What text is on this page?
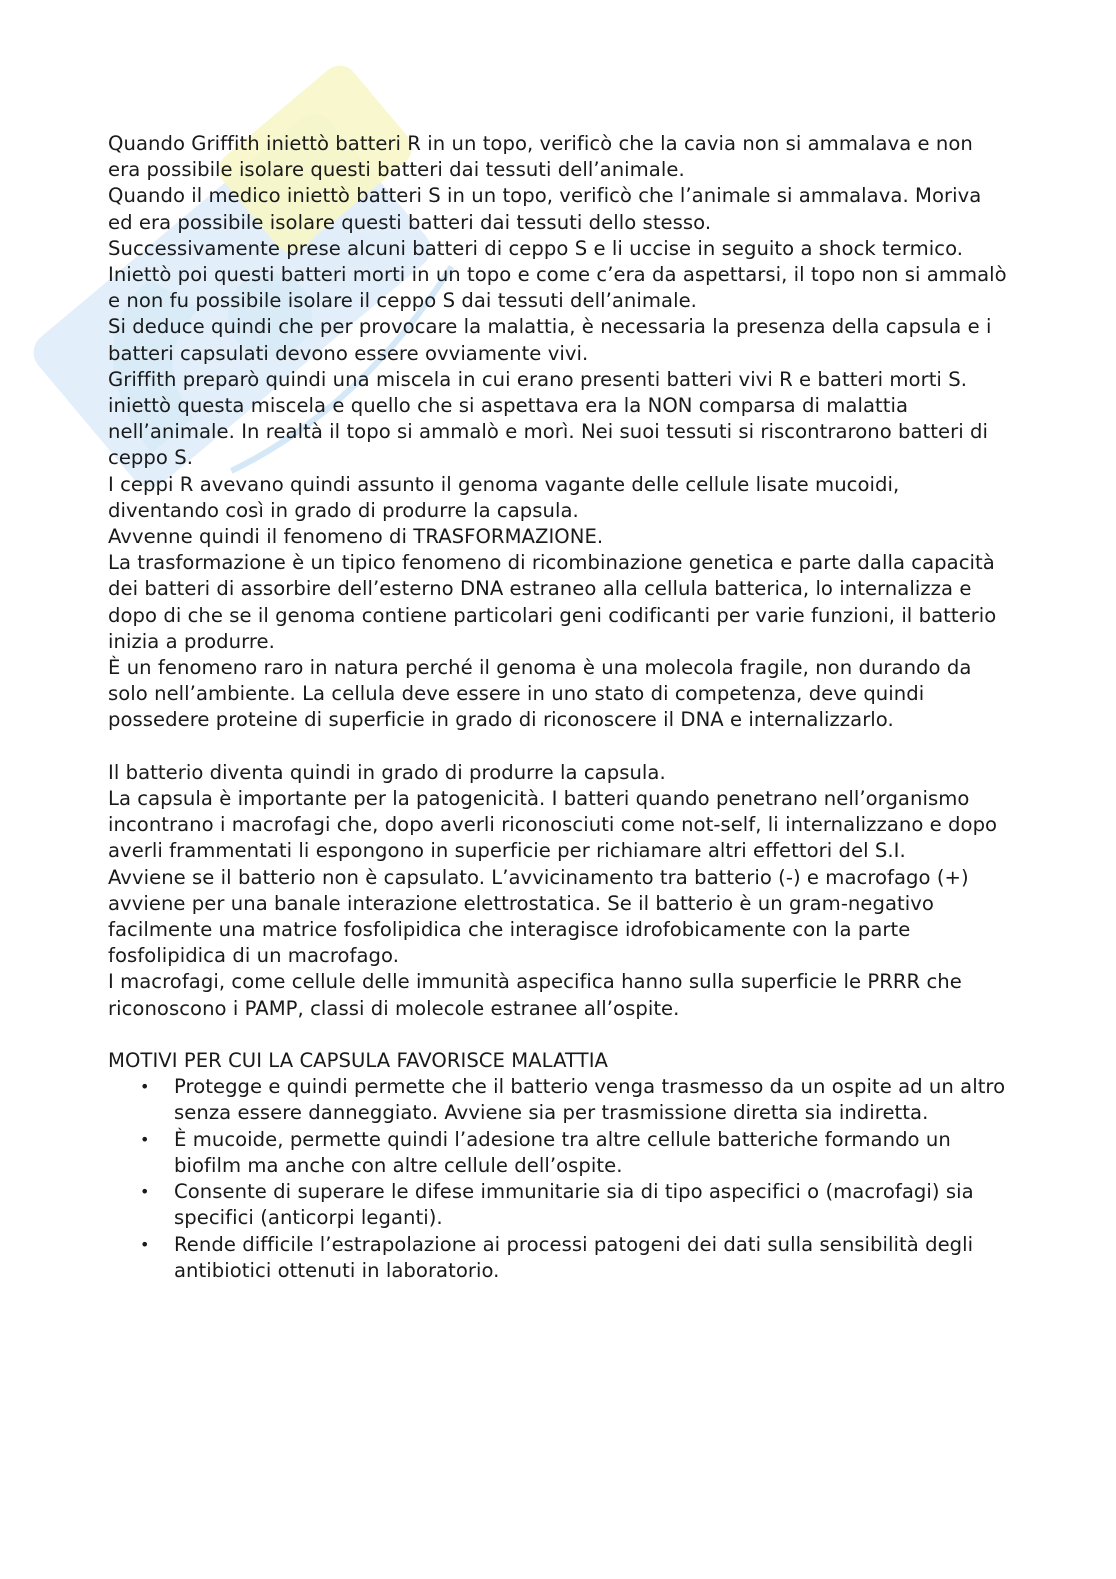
Quando Griffith iniettò batteri R in un topo, verificò che la cavia non si ammalava e non era possibile isolare questi batteri dai tessuti dell’animale.

Quando il medico iniettò batteri S in un topo, verificò che l’animale si ammalava. Moriva ed era possibile isolare questi batteri dai tessuti dello stesso.

Successivamente prese alcuni batteri di ceppo S e li uccise in seguito a shock termico. Iniettò poi questi batteri morti in un topo e come c’era da aspettarsi, il topo non si ammalò e non fu possibile isolare il ceppo S dai tessuti dell’animale.

Si deduce quindi che per provocare la malattia, è necessaria la presenza della capsula e i batteri capsulati devono essere ovviamente vivi.

Griffith preparò quindi una miscela in cui erano presenti batteri vivi R e batteri morti S. iniettò questa miscela e quello che si aspettava era la NON comparsa di malattia nell’animale. In realtà il topo si ammalò e morì. Nei suoi tessuti si riscontrarono batteri di ceppo S.

I ceppi R avevano quindi assunto il genoma vagante delle cellule lisate mucoidi, diventando così in grado di produrre la capsula.

Avvenne quindi il fenomeno di TRASFORMAZIONE.

La trasformazione è un tipico fenomeno di ricombinazione genetica e parte dalla capacità dei batteri di assorbire dell’esterno DNA estraneo alla cellula batterica, lo internalizza e dopo di che se il genoma contiene particolari geni codificanti per varie funzioni, il batterio inizia a produrre.

È un fenomeno raro in natura perché il genoma è una molecola fragile, non durando da solo nell’ambiente. La cellula deve essere in uno stato di competenza, deve quindi possedere proteine di superficie in grado di riconoscere il DNA e internalizzarlo.

Il batterio diventa quindi in grado di produrre la capsula.

La capsula è importante per la patogenicità. I batteri quando penetrano nell’organismo incontrano i macrofagi che, dopo averli riconosciuti come not-self, li internalizzano e dopo averli frammentati li espongono in superficie per richiamare altri effettori del S.I.

Avviene se il batterio non è capsulato. L’avvicinamento tra batterio (-) e macrofago (+) avviene per una banale interazione elettrostatica. Se il batterio è un gram-negativo facilmente una matrice fosfolipidica che interagisce idrofobicamente con la parte fosfolipidica di un macrofago.

I macrofagi, come cellule delle immunità aspecifica hanno sulla superficie le PRRR che riconoscono i PAMP, classi di molecole estranee all’ospite.

MOTIVI PER CUI LA CAPSULA FAVORISCE MALATTIA

• Protegge e quindi permette che il batterio venga trasmesso da un ospite ad un altro senza essere danneggiato. Avviene sia per trasmissione diretta sia indiretta.
• È mucoide, permette quindi l’adesione tra altre cellule batteriche formando un biofilm ma anche con altre cellule dell’ospite.
• Consente di superare le difese immunitarie sia di tipo aspecifici o (macrofagi) sia specifici (anticorpi leganti).
• Rende difficile l’estrapolazione ai processi patogeni dei dati sulla sensibilità degli antibiotici ottenuti in laboratorio.
